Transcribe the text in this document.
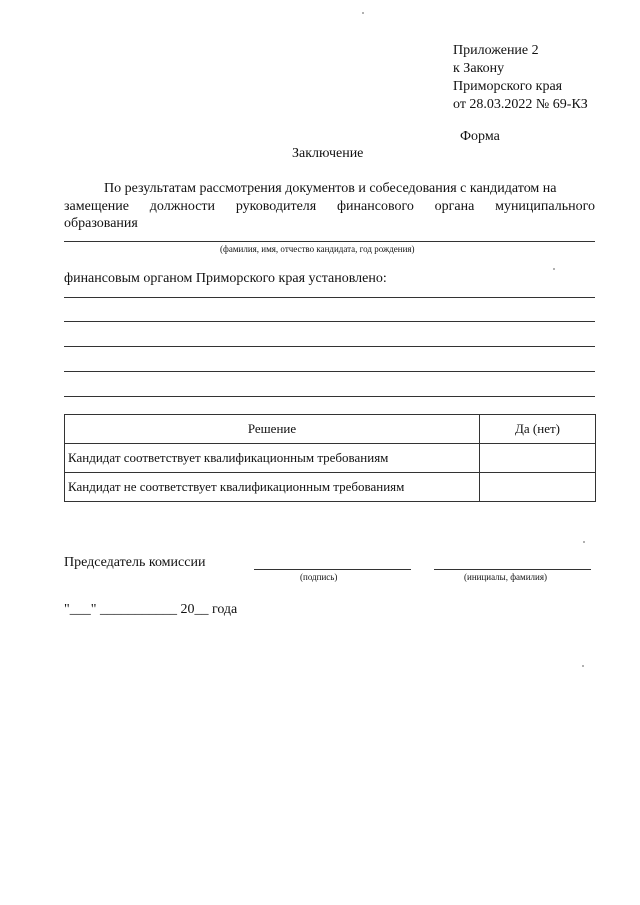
Приложение 2
к Закону
Приморского края
от 28.03.2022 № 69-КЗ
Форма
Заключение
По результатам рассмотрения документов и собеседования с кандидатом на
замещение должности руководителя финансового органа муниципального
образования
(фамилия, имя, отчество кандидата, год рождения)
финансовым органом Приморского края установлено:
Решение	Да (нет)
Кандидат соответствует квалификационным требованиям	
Кандидат не соответствует квалификационным требованиям	
Председатель комиссии
(подпись)	(инициалы, фамилия)
"___" ___________ 20__ года
